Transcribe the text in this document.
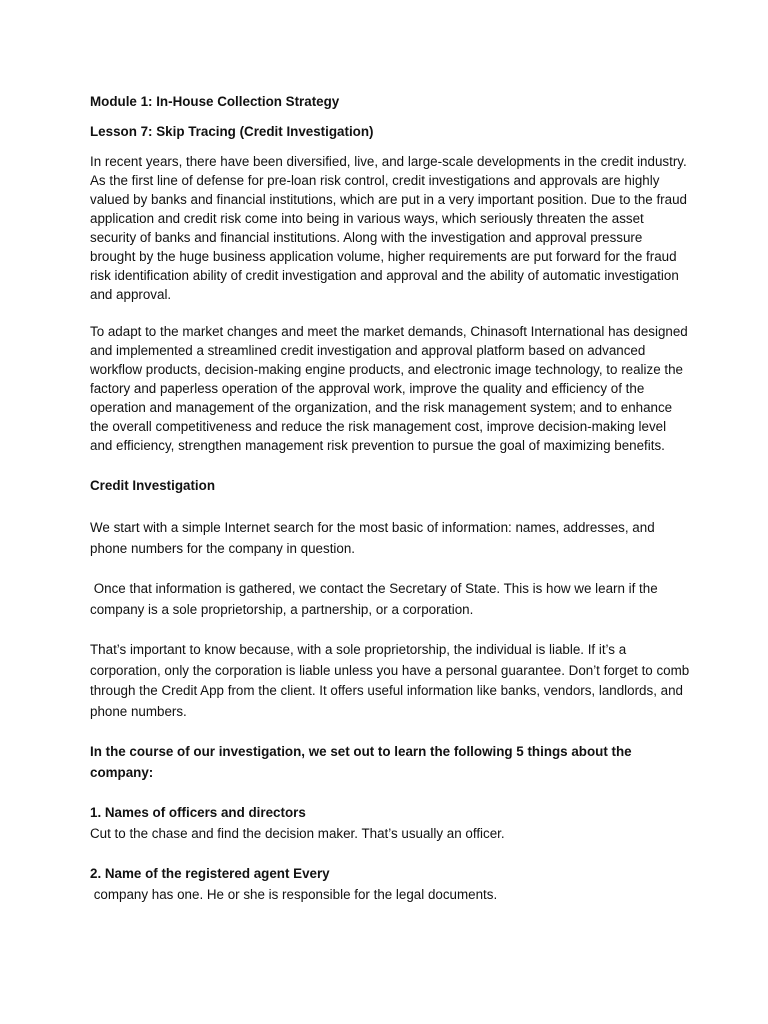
Module 1: In-House Collection Strategy

Lesson 7: Skip Tracing (Credit Investigation)

In recent years, there have been diversified, live, and large-scale developments in the credit industry. As the first line of defense for pre-loan risk control, credit investigations and approvals are highly valued by banks and financial institutions, which are put in a very important position. Due to the fraud application and credit risk come into being in various ways, which seriously threaten the asset security of banks and financial institutions. Along with the investigation and approval pressure brought by the huge business application volume, higher requirements are put forward for the fraud risk identification ability of credit investigation and approval and the ability of automatic investigation and approval.

To adapt to the market changes and meet the market demands, Chinasoft International has designed and implemented a streamlined credit investigation and approval platform based on advanced workflow products, decision-making engine products, and electronic image technology, to realize the factory and paperless operation of the approval work, improve the quality and efficiency of the operation and management of the organization, and the risk management system; and to enhance the overall competitiveness and reduce the risk management cost, improve decision-making level and efficiency, strengthen management risk prevention to pursue the goal of maximizing benefits.

Credit Investigation

We start with a simple Internet search for the most basic of information: names, addresses, and phone numbers for the company in question.

Once that information is gathered, we contact the Secretary of State. This is how we learn if the company is a sole proprietorship, a partnership, or a corporation.

That’s important to know because, with a sole proprietorship, the individual is liable. If it’s a corporation, only the corporation is liable unless you have a personal guarantee. Don’t forget to comb through the Credit App from the client. It offers useful information like banks, vendors, landlords, and phone numbers.

In the course of our investigation, we set out to learn the following 5 things about the company:

1. Names of officers and directors

Cut to the chase and find the decision maker. That’s usually an officer.

2. Name of the registered agent Every

company has one. He or she is responsible for the legal documents.
